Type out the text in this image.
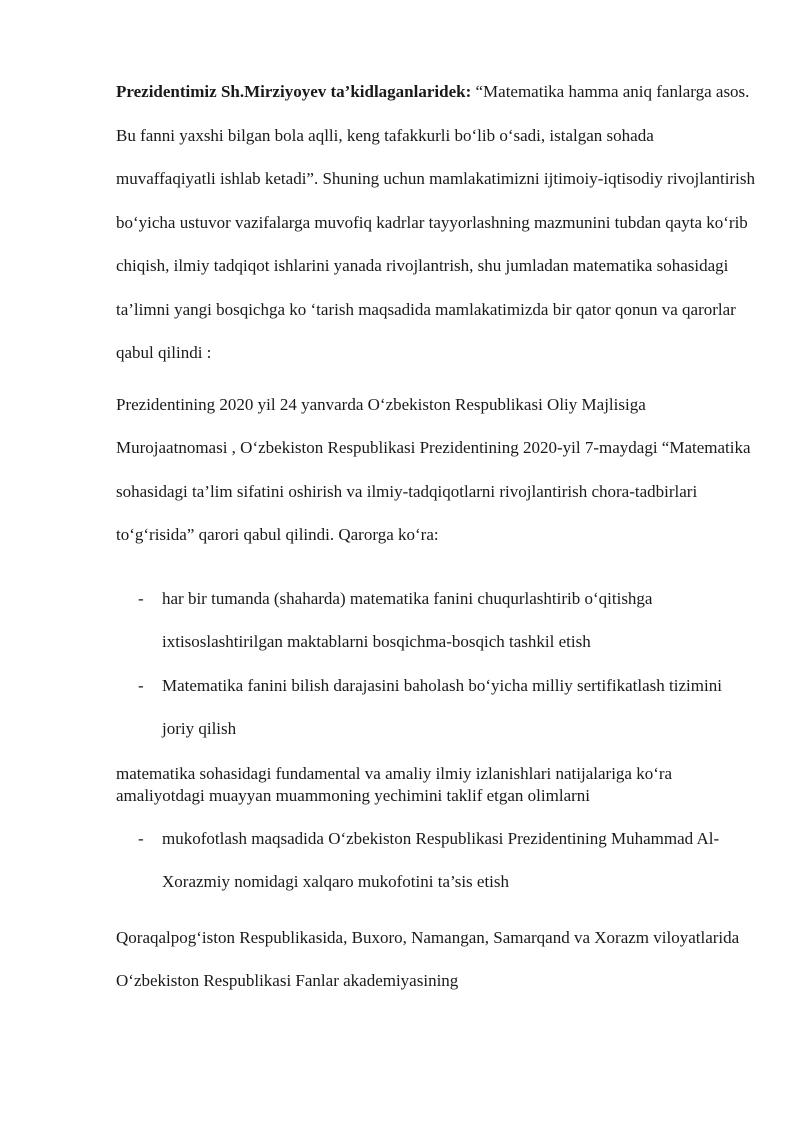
Prezidentimiz Sh.Mirziyoyev ta’kidlaganlaridek: “Matematika hamma aniq fanlarga asos. Bu fanni yaxshi bilgan bola aqlli, keng tafakkurli bo‘lib o‘sadi, istalgan sohada muvaffaqiyatli ishlab ketadi”. Shuning uchun mamlakatimizni ijtimoiy-iqtisodiy rivojlantirish bo‘yicha ustuvor vazifalarga muvofiq kadrlar tayyorlashning mazmunini tubdan qayta ko‘rib chiqish, ilmiy tadqiqot ishlarini yanada rivojlantrish, shu jumladan matematika sohasidagi ta’limni yangi bosqichga ko ‘tarish maqsadida mamlakatimizda bir qator qonun va qarorlar qabul qilindi :

Prezidentining 2020 yil 24 yanvarda O‘zbekiston Respublikasi Oliy Majlisiga Murojaatnomasi , O‘zbekiston Respublikasi Prezidentining 2020-yil 7-maydagi “Matematika sohasidagi ta’lim sifatini oshirish va ilmiy-tadqiqotlarni rivojlantirish chora-tadbirlari to‘g‘risida” qarori qabul qilindi. Qarorga ko‘ra:

- har bir tumanda (shaharda) matematika fanini chuqurlashtirib o‘qitishga ixtisoslashtirilgan maktablarni bosqichma-bosqich tashkil etish
- Matematika fanini bilish darajasini baholash bo‘yicha milliy sertifikatlash tizimini joriy qilish

matematika sohasidagi fundamental va amaliy ilmiy izlanishlari natijalariga ko‘ra amaliyotdagi muayyan muammoning yechimini taklif etgan olimlarni

- mukofotlash maqsadida O‘zbekiston Respublikasi Prezidentining Muhammad Al-Xorazmiy nomidagi xalqaro mukofotini ta’sis etish

Qoraqalpog‘iston Respublikasida, Buxoro, Namangan, Samarqand va Xorazm viloyatlarida O‘zbekiston Respublikasi Fanlar akademiyasining
